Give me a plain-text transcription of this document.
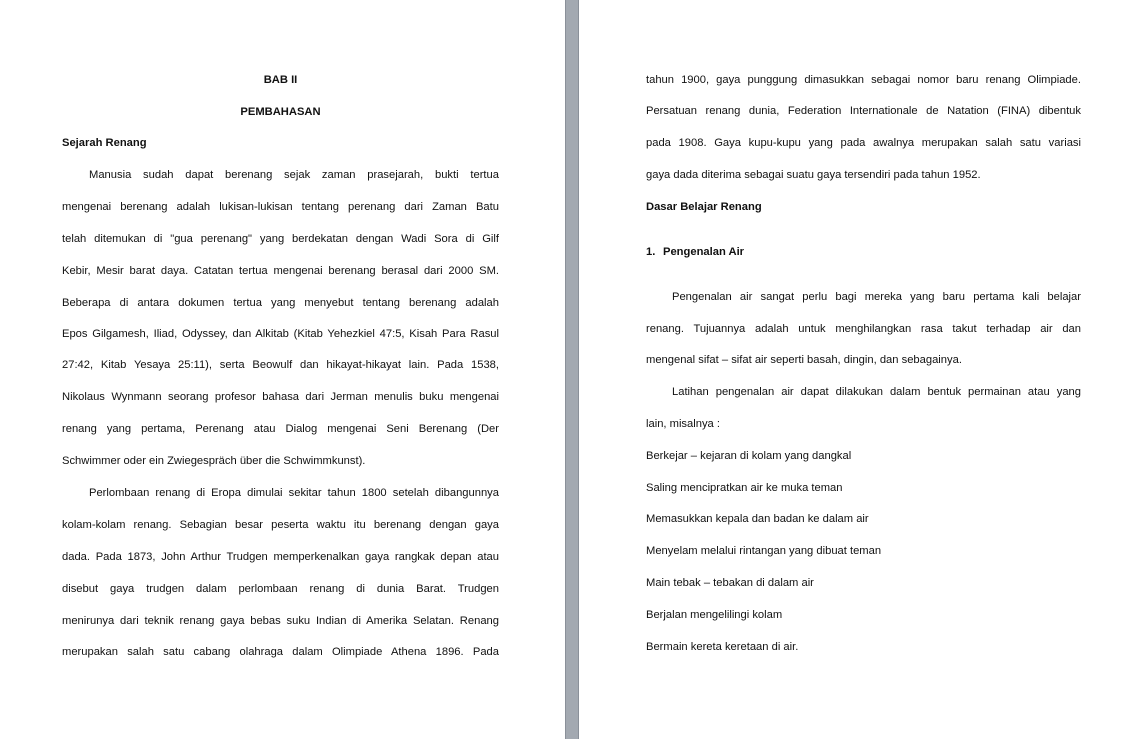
BAB II
PEMBAHASAN
Sejarah Renang
Manusia sudah dapat berenang sejak zaman prasejarah, bukti tertua
mengenai berenang adalah lukisan-lukisan tentang perenang dari Zaman Batu
telah ditemukan di "gua perenang" yang berdekatan dengan Wadi Sora di Gilf
Kebir, Mesir barat daya. Catatan tertua mengenai berenang berasal dari 2000 SM.
Beberapa di antara dokumen tertua yang menyebut tentang berenang adalah
Epos Gilgamesh, Iliad, Odyssey, dan Alkitab (Kitab Yehezkiel 47:5, Kisah Para Rasul
27:42, Kitab Yesaya 25:11), serta Beowulf dan hikayat-hikayat lain. Pada 1538,
Nikolaus Wynmann seorang profesor bahasa dari Jerman menulis buku mengenai
renang yang pertama, Perenang atau Dialog mengenai Seni Berenang (Der
Schwimmer oder ein Zwiegespräch über die Schwimmkunst).
Perlombaan renang di Eropa dimulai sekitar tahun 1800 setelah dibangunnya
kolam-kolam renang. Sebagian besar peserta waktu itu berenang dengan gaya
dada. Pada 1873, John Arthur Trudgen memperkenalkan gaya rangkak depan atau
disebut gaya trudgen dalam perlombaan renang di dunia Barat. Trudgen
menirunya dari teknik renang gaya bebas suku Indian di Amerika Selatan. Renang
merupakan salah satu cabang olahraga dalam Olimpiade Athena 1896. Pada
tahun 1900, gaya punggung dimasukkan sebagai nomor baru renang Olimpiade.
Persatuan renang dunia, Federation Internationale de Natation (FINA) dibentuk
pada 1908. Gaya kupu-kupu yang pada awalnya merupakan salah satu variasi
gaya dada diterima sebagai suatu gaya tersendiri pada tahun 1952.
Dasar Belajar Renang
1. Pengenalan Air
Pengenalan air sangat perlu bagi mereka yang baru pertama kali belajar
renang. Tujuannya adalah untuk menghilangkan rasa takut terhadap air dan
mengenal sifat – sifat air seperti basah, dingin, dan sebagainya.
Latihan pengenalan air dapat dilakukan dalam bentuk permainan atau yang
lain, misalnya :
Berkejar – kejaran di kolam yang dangkal
Saling mencipratkan air ke muka teman
Memasukkan kepala dan badan ke dalam air
Menyelam melalui rintangan yang dibuat teman
Main tebak – tebakan di dalam air
Berjalan mengelilingi kolam
Bermain kereta keretaan di air.
